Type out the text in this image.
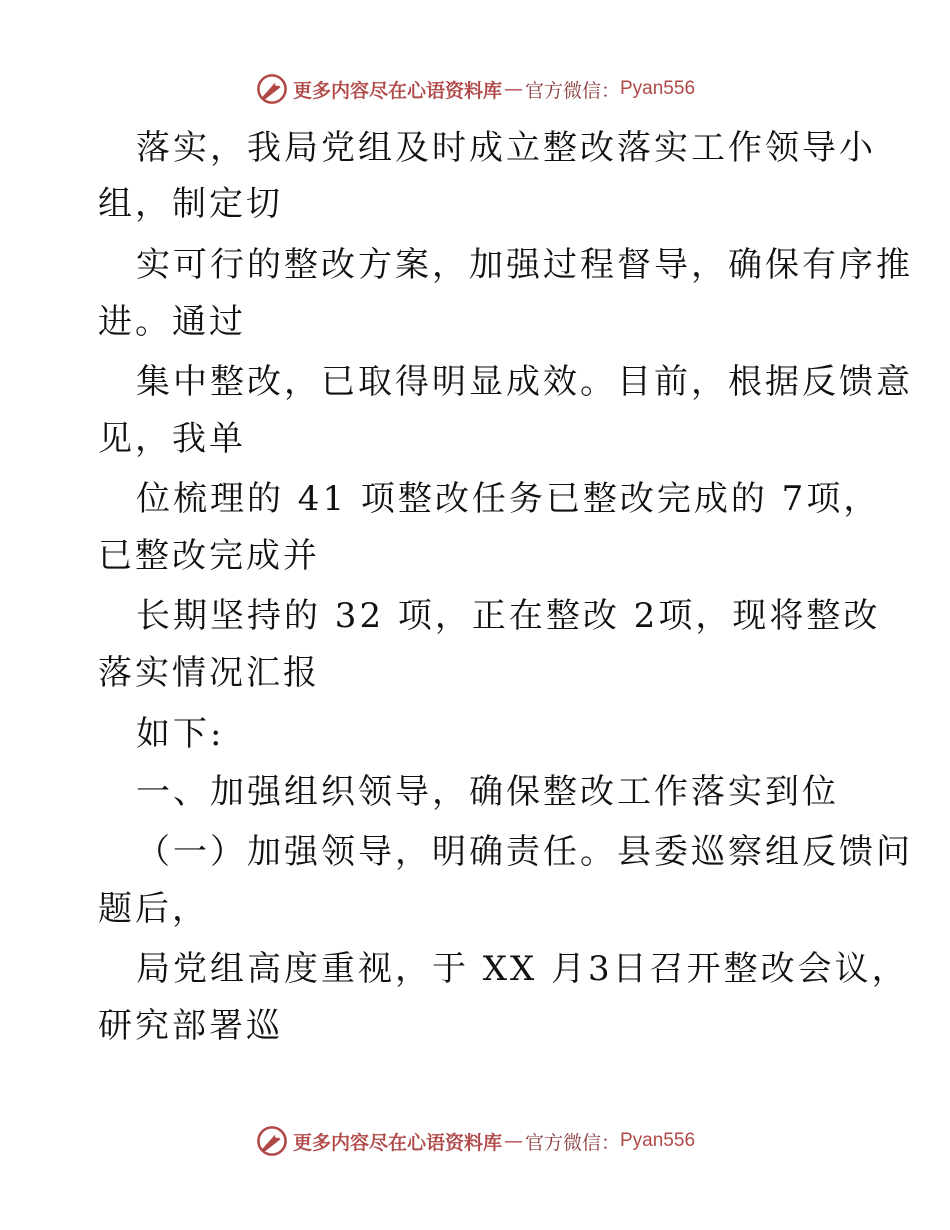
更多内容尽在心语资料库 — 官方微信： Pyan556
落实，我局党组及时成立整改落实工作领导小
组，制定切
实可行的整改方案，加强过程督导，确保有序推
进。通过
集中整改，已取得明显成效。目前，根据反馈意
见，我单
位梳理的 41 项整改任务已整改完成的 7项，
已整改完成并
长期坚持的 32 项，正在整改 2项，现将整改
落实情况汇报
如下:
一、加强组织领导，确保整改工作落实到位
（一）加强领导，明确责任。县委巡察组反馈问
题后，
局党组高度重视，于 XX 月3日召开整改会议，
研究部署巡
更多内容尽在心语资料库 — 官方微信： Pyan556
